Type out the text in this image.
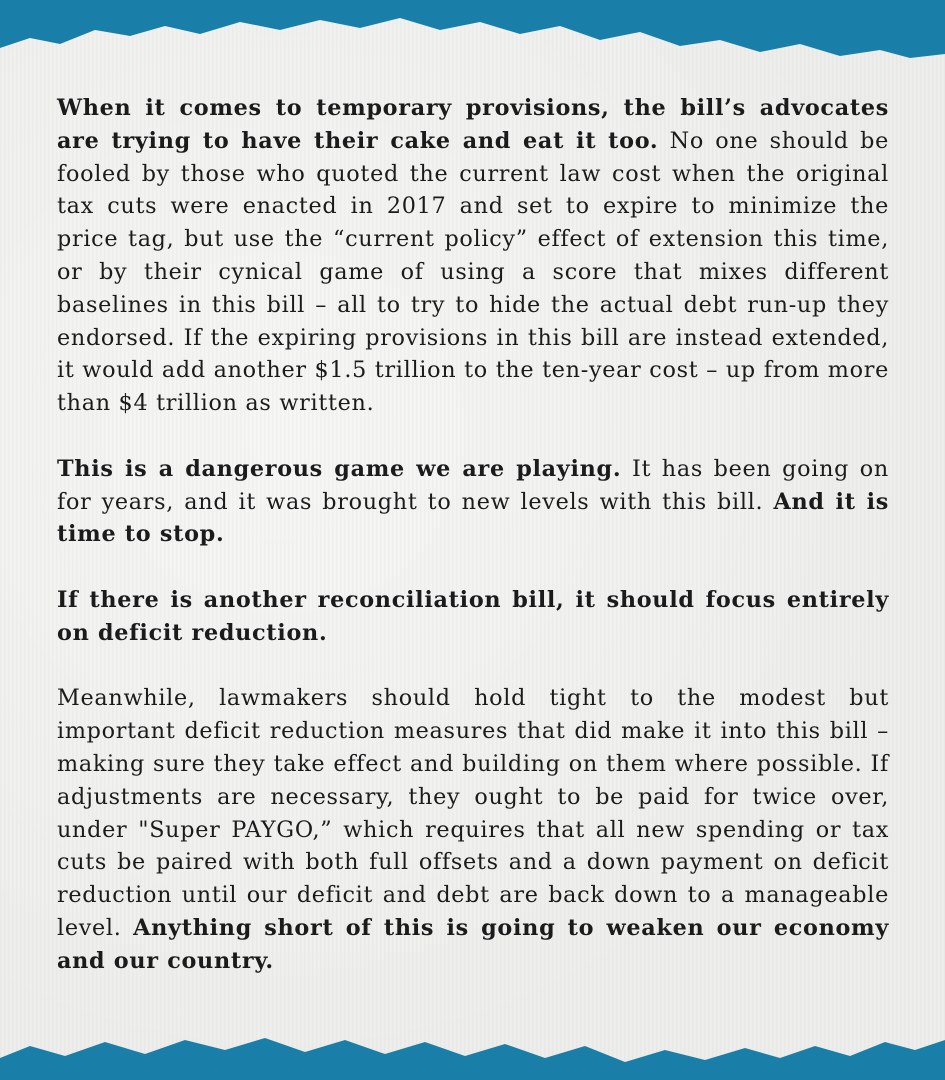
When it comes to temporary provisions, the bill’s advocates are trying to have their cake and eat it too. No one should be fooled by those who quoted the current law cost when the original tax cuts were enacted in 2017 and set to expire to minimize the price tag, but use the “current policy” effect of extension this time, or by their cynical game of using a score that mixes different baselines in this bill – all to try to hide the actual debt run-up they endorsed. If the expiring provisions in this bill are instead extended, it would add another $1.5 trillion to the ten-year cost – up from more than $4 trillion as written.

This is a dangerous game we are playing. It has been going on for years, and it was brought to new levels with this bill. And it is time to stop.

If there is another reconciliation bill, it should focus entirely on deficit reduction.

Meanwhile, lawmakers should hold tight to the modest but important deficit reduction measures that did make it into this bill – making sure they take effect and building on them where possible. If adjustments are necessary, they ought to be paid for twice over, under "Super PAYGO,” which requires that all new spending or tax cuts be paired with both full offsets and a down payment on deficit reduction until our deficit and debt are back down to a manageable level. Anything short of this is going to weaken our economy and our country.
